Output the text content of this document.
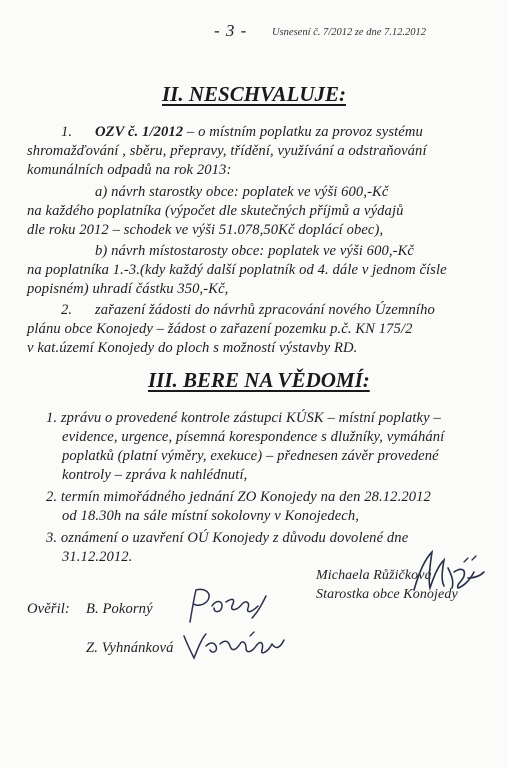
- 3 - Usnesení č. 7/2012 ze dne 7.12.2012
II. NESCHVALUJE:
1. OZV č. 1/2012 – o místním poplatku za provoz systému
shromažďování , sběru, přepravy, třídění, využívání a odstraňování
komunálních odpadů na rok 2013:
a) návrh starostky obce: poplatek ve výši 600,-Kč
na každého poplatníka (výpočet dle skutečných příjmů a výdajů
dle roku 2012 – schodek ve výši 51.078,50Kč doplácí obec),
b) návrh místostarosty obce: poplatek ve výši 600,-Kč
na poplatníka 1.-3.(kdy každý další poplatník od 4. dále v jednom čísle
popisném) uhradí částku 350,-Kč,
2. zařazení žádosti do návrhů zpracování nového Územního
plánu obce Konojedy – žádost o zařazení pozemku p.č. KN 175/2
v kat.území Konojedy do ploch s možností výstavby RD.
III. BERE NA VĚDOMÍ:
1. zprávu o provedené kontrole zástupci KÚSK – místní poplatky –
evidence, urgence, písemná korespondence s dlužníky, vymáhání
poplatků (platní výměry, exekuce) – přednesen závěr provedené
kontroly – zpráva k nahlédnutí,
2. termín mimořádného jednání ZO Konojedy na den 28.12.2012
od 18.30h na sále místní sokolovny v Konojedech,
3. oznámení o uzavření OÚ Konojedy z důvodu dovolené dne
31.12.2012.
Michaela Růžičková
Starostka obce Konojedy
Ověřil: B. Pokorný
Z. Vyhnánková
